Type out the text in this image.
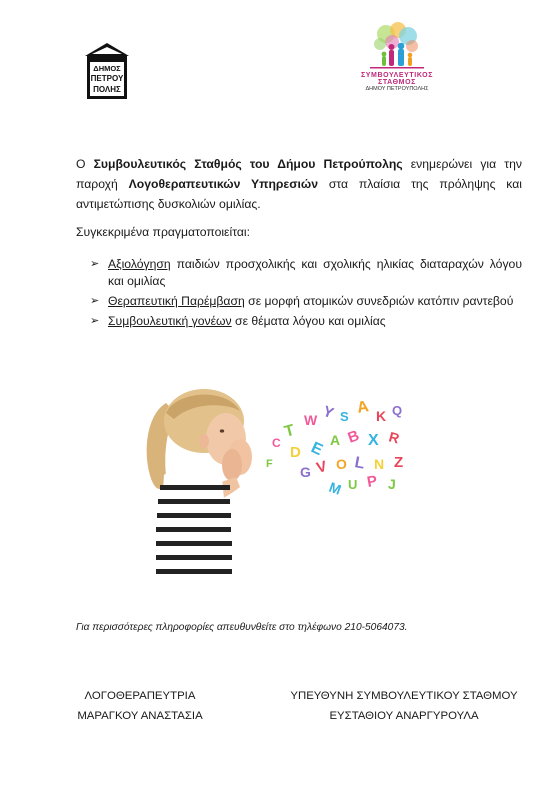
ΔΗΜΟΣ
ΠΕΤΡΟΥ
ΠΟΛΗΣ
ΣΥΜΒΟΥΛΕΥΤΙΚΟΣ ΣΤΑΘΜΟΣ
ΔΗΜΟΥ ΠΕΤΡΟΥΠΟΛΗΣ

Ο Συμβουλευτικός Σταθμός του Δήμου Πετρούπολης ενημερώνει για την παροχή Λογοθεραπευτικών Υπηρεσιών στα πλαίσια της πρόληψης και αντιμετώπισης δυσκολιών ομιλίας.

Συγκεκριμένα πραγματοποιείται:
➢ Αξιολόγηση παιδιών προσχολικής και σχολικής ηλικίας διαταραχών λόγου και ομιλίας
➢ Θεραπευτική Παρέμβαση σε μορφή ατομικών συνεδριών κατόπιν ραντεβού
➢ Συμβουλευτική γονέων σε θέματα λόγου και ομιλίας
T
W Y S A K Q
D E A B X R
G V O L N Z
M U P J
C
F
Για περισσότερες πληροφορίες απευθυνθείτε στο τηλέφωνο 210-5064073.
ΛΟΓΟΘΕΡΑΠΕΥΤΡΙΑ
ΜΑΡΑΓΚΟΥ ΑΝΑΣΤΑΣΙΑ
ΥΠΕΥΘΥΝΗ ΣΥΜΒΟΥΛΕΥΤΙΚΟΥ ΣΤΑΘΜΟΥ
ΕΥΣΤΑΘΙΟΥ ΑΝΑΡΓΥΡΟΥΛΑ
